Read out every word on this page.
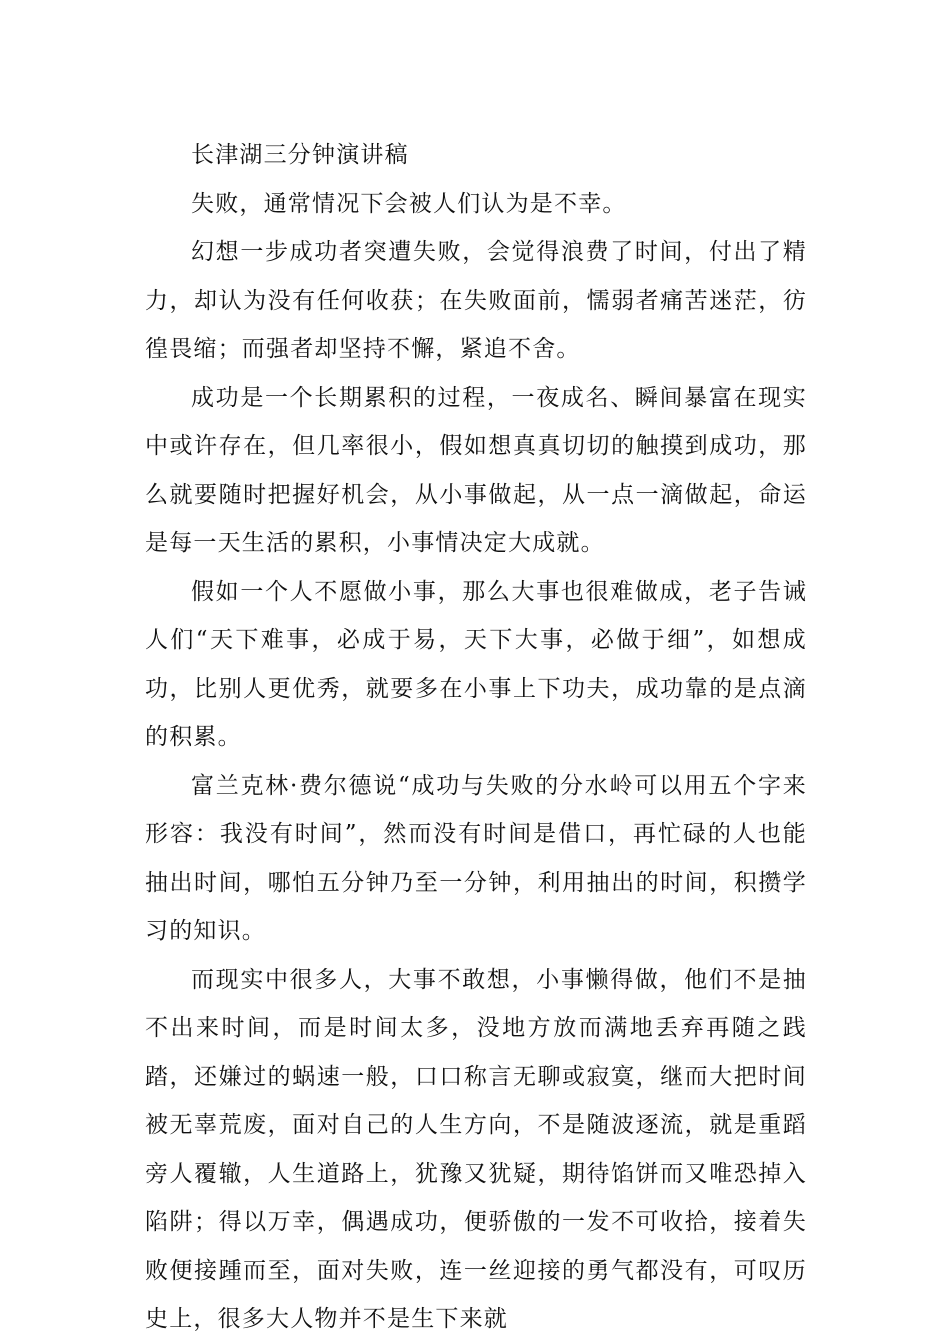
长津湖三分钟演讲稿

失败，通常情况下会被人们认为是不幸。

幻想一步成功者突遭失败，会觉得浪费了时间，付出了精力，却认为没有任何收获；在失败面前，懦弱者痛苦迷茫，彷徨畏缩；而强者却坚持不懈，紧追不舍。

成功是一个长期累积的过程，一夜成名、瞬间暴富在现实中或许存在，但几率很小，假如想真真切切的触摸到成功，那么就要随时把握好机会，从小事做起，从一点一滴做起，命运是每一天生活的累积，小事情决定大成就。

假如一个人不愿做小事，那么大事也很难做成，老子告诫人们“天下难事，必成于易，天下大事，必做于细”，如想成功，比别人更优秀，就要多在小事上下功夫，成功靠的是点滴的积累。

富兰克林·费尔德说“成功与失败的分水岭可以用五个字来形容：我没有时间”，然而没有时间是借口，再忙碌的人也能抽出时间，哪怕五分钟乃至一分钟，利用抽出的时间，积攒学习的知识。

而现实中很多人，大事不敢想，小事懒得做，他们不是抽不出来时间，而是时间太多，没地方放而满地丢弃再随之践踏，还嫌过的蜗速一般，口口称言无聊或寂寞，继而大把时间被无辜荒废，面对自己的人生方向，不是随波逐流，就是重蹈旁人覆辙，人生道路上，犹豫又犹疑，期待馅饼而又唯恐掉入陷阱；得以万幸，偶遇成功，便骄傲的一发不可收拾，接着失败便接踵而至，面对失败，连一丝迎接的勇气都没有，可叹历史上，很多大人物并不是生下来就
